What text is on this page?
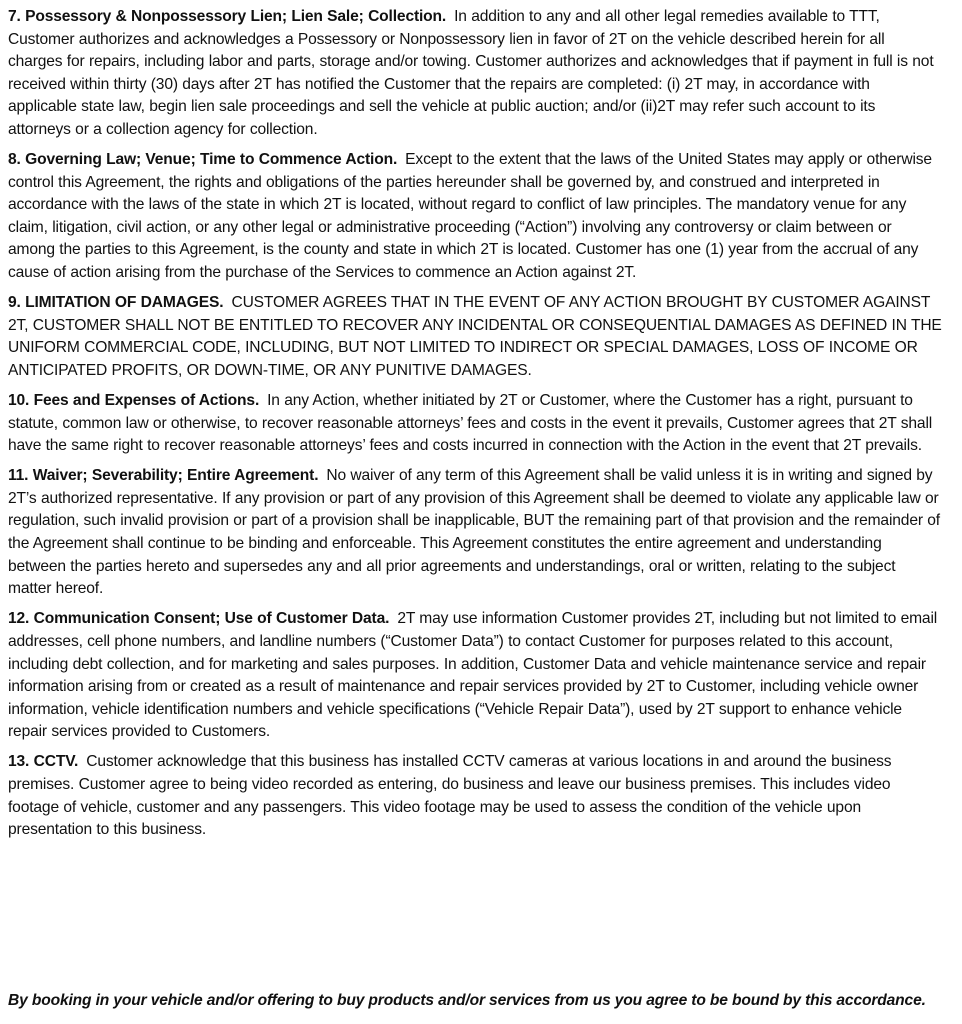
7. Possessory & Nonpossessory Lien; Lien Sale; Collection. In addition to any and all other legal remedies available to TTT, Customer authorizes and acknowledges a Possessory or Nonpossessory lien in favor of 2T on the vehicle described herein for all charges for repairs, including labor and parts, storage and/or towing. Customer authorizes and acknowledges that if payment in full is not received within thirty (30) days after 2T has notified the Customer that the repairs are completed: (i) 2T may, in accordance with applicable state law, begin lien sale proceedings and sell the vehicle at public auction; and/or (ii)2T may refer such account to its attorneys or a collection agency for collection.

8. Governing Law; Venue; Time to Commence Action. Except to the extent that the laws of the United States may apply or otherwise control this Agreement, the rights and obligations of the parties hereunder shall be governed by, and construed and interpreted in accordance with the laws of the state in which 2T is located, without regard to conflict of law principles. The mandatory venue for any claim, litigation, civil action, or any other legal or administrative proceeding (“Action”) involving any controversy or claim between or among the parties to this Agreement, is the county and state in which 2T is located. Customer has one (1) year from the accrual of any cause of action arising from the purchase of the Services to commence an Action against 2T.

9. LIMITATION OF DAMAGES. CUSTOMER AGREES THAT IN THE EVENT OF ANY ACTION BROUGHT BY CUSTOMER AGAINST 2T, CUSTOMER SHALL NOT BE ENTITLED TO RECOVER ANY INCIDENTAL OR CONSEQUENTIAL DAMAGES AS DEFINED IN THE UNIFORM COMMERCIAL CODE, INCLUDING, BUT NOT LIMITED TO INDIRECT OR SPECIAL DAMAGES, LOSS OF INCOME OR ANTICIPATED PROFITS, OR DOWN-TIME, OR ANY PUNITIVE DAMAGES.

10. Fees and Expenses of Actions. In any Action, whether initiated by 2T or Customer, where the Customer has a right, pursuant to statute, common law or otherwise, to recover reasonable attorneys’ fees and costs in the event it prevails, Customer agrees that 2T shall have the same right to recover reasonable attorneys’ fees and costs incurred in connection with the Action in the event that 2T prevails.

11. Waiver; Severability; Entire Agreement. No waiver of any term of this Agreement shall be valid unless it is in writing and signed by 2T’s authorized representative. If any provision or part of any provision of this Agreement shall be deemed to violate any applicable law or regulation, such invalid provision or part of a provision shall be inapplicable, BUT the remaining part of that provision and the remainder of the Agreement shall continue to be binding and enforceable. This Agreement constitutes the entire agreement and understanding between the parties hereto and supersedes any and all prior agreements and understandings, oral or written, relating to the subject matter hereof.

12. Communication Consent; Use of Customer Data. 2T may use information Customer provides 2T, including but not limited to email addresses, cell phone numbers, and landline numbers (“Customer Data”) to contact Customer for purposes related to this account, including debt collection, and for marketing and sales purposes. In addition, Customer Data and vehicle maintenance service and repair information arising from or created as a result of maintenance and repair services provided by 2T to Customer, including vehicle owner information, vehicle identification numbers and vehicle specifications (“Vehicle Repair Data”), used by 2T support to enhance vehicle repair services provided to Customers.

13. CCTV. Customer acknowledge that this business has installed CCTV cameras at various locations in and around the business premises. Customer agree to being video recorded as entering, do business and leave our business premises. This includes video footage of vehicle, customer and any passengers. This video footage may be used to assess the condition of the vehicle upon presentation to this business.

By booking in your vehicle and/or offering to buy products and/or services from us you agree to be bound by this accordance.
